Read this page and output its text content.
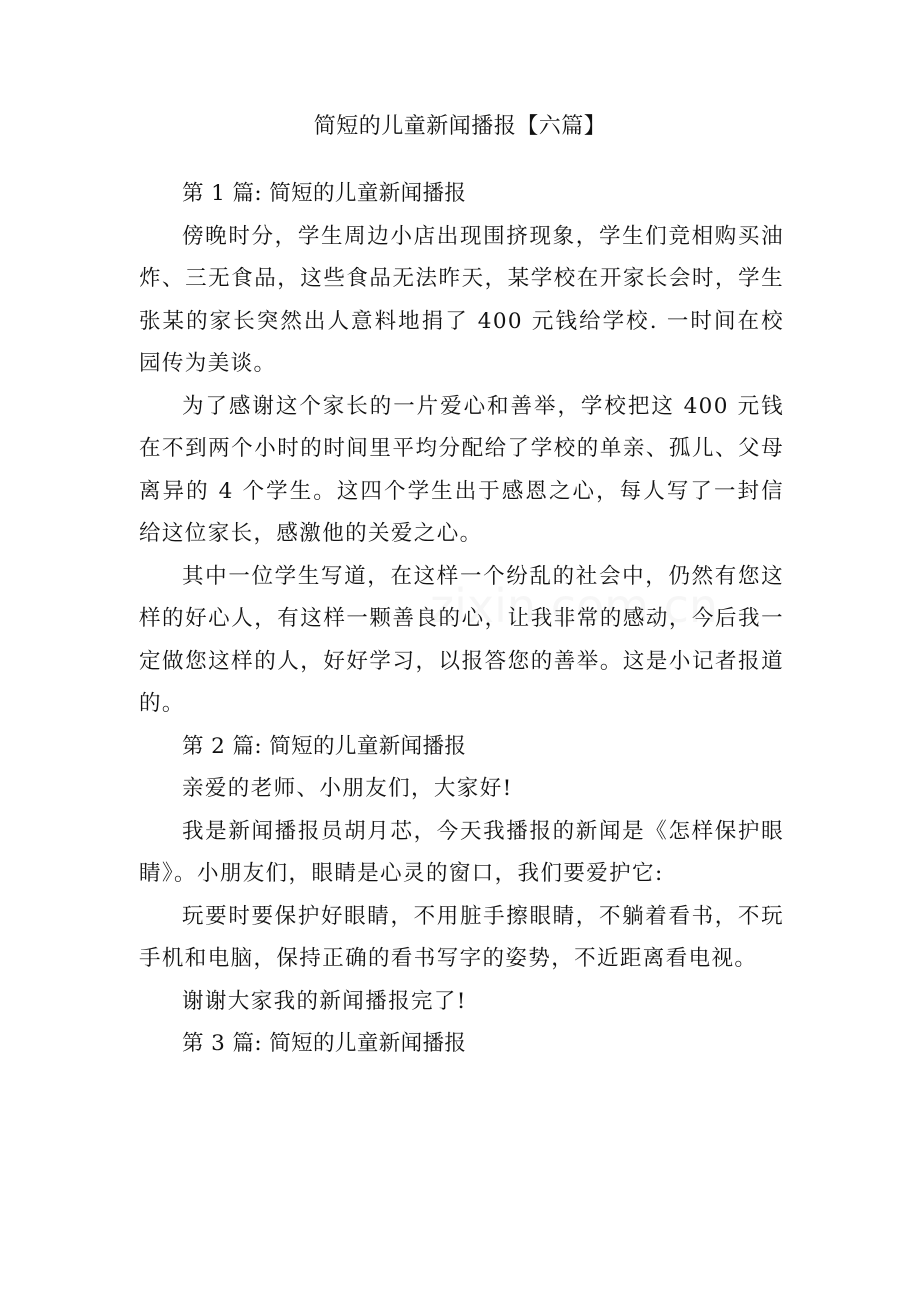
简短的儿童新闻播报【六篇】

第 1 篇: 简短的儿童新闻播报

傍晚时分，学生周边小店出现围挤现象，学生们竞相购买油炸、三无食品，这些食品无法昨天，某学校在开家长会时，学生张某的家长突然出人意料地捐了 400 元钱给学校. 一时间在校园传为美谈。

为了感谢这个家长的一片爱心和善举，学校把这 400 元钱在不到两个小时的时间里平均分配给了学校的单亲、孤儿、父母离异的 4 个学生。这四个学生出于感恩之心，每人写了一封信给这位家长，感激他的关爱之心。

其中一位学生写道，在这样一个纷乱的社会中，仍然有您这样的好心人，有这样一颗善良的心，让我非常的感动，今后我一定做您这样的人，好好学习，以报答您的善举。这是小记者报道的。

第 2 篇: 简短的儿童新闻播报

亲爱的老师、小朋友们，大家好!

我是新闻播报员胡月芯，今天我播报的新闻是《怎样保护眼睛》。小朋友们，眼睛是心灵的窗口，我们要爱护它:

玩要时要保护好眼睛，不用脏手擦眼睛，不躺着看书，不玩手机和电脑，保持正确的看书写字的姿势，不近距离看电视。

谢谢大家我的新闻播报完了!

第 3 篇: 简短的儿童新闻播报
